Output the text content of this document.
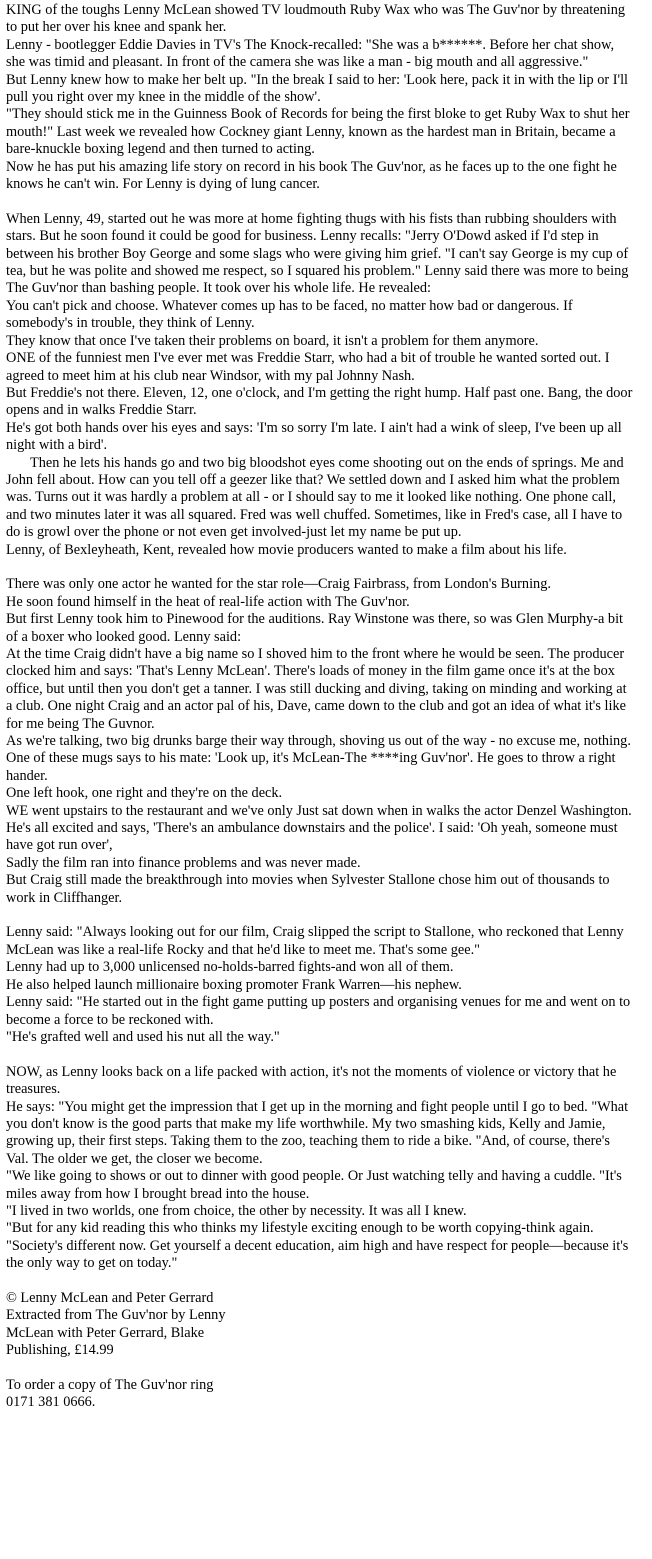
KING of the toughs Lenny McLean showed TV loudmouth Ruby Wax who was The Guv'nor by threatening to put her over his knee and spank her.

Lenny - bootlegger Eddie Davies in TV's The Knock-recalled: "She was a b******. Before her chat show, she was timid and pleasant. In front of the camera she was like a man - big mouth and all aggressive."

But Lenny knew how to make her belt up. "In the break I said to her: 'Look here, pack it in with the lip or I'll pull you right over my knee in the middle of the show'.

"They should stick me in the Guinness Book of Records for being the first bloke to get Ruby Wax to shut her mouth!" Last week we revealed how Cockney giant Lenny, known as the hardest man in Britain, became a bare-knuckle boxing legend and then turned to acting.

Now he has put his amazing life story on record in his book The Guv'nor, as he faces up to the one fight he knows he can't win. For Lenny is dying of lung cancer.

When Lenny, 49, started out he was more at home fighting thugs with his fists than rubbing shoulders with stars. But he soon found it could be good for business. Lenny recalls: "Jerry O'Dowd asked if I'd step in between his brother Boy George and some slags who were giving him grief. "I can't say George is my cup of tea, but he was polite and showed me respect, so I squared his problem." Lenny said there was more to being The Guv'nor than bashing people. It took over his whole life. He revealed:

You can't pick and choose. Whatever comes up has to be faced, no matter how bad or dangerous. If somebody's in trouble, they think of Lenny.

They know that once I've taken their problems on board, it isn't a problem for them anymore.

ONE of the funniest men I've ever met was Freddie Starr, who had a bit of trouble he wanted sorted out. I agreed to meet him at his club near Windsor, with my pal Johnny Nash.

But Freddie's not there. Eleven, 12, one o'clock, and I'm getting the right hump. Half past one. Bang, the door opens and in walks Freddie Starr.

He's got both hands over his eyes and says: 'I'm so sorry I'm late. I ain't had a wink of sleep, I've been up all night with a bird'.

Then he lets his hands go and two big bloodshot eyes come shooting out on the ends of springs. Me and John fell about. How can you tell off a geezer like that? We settled down and I asked him what the problem was. Turns out it was hardly a problem at all - or I should say to me it looked like nothing. One phone call, and two minutes later it was all squared. Fred was well chuffed. Sometimes, like in Fred's case, all I have to do is growl over the phone or not even get involved-just let my name be put up.

Lenny, of Bexleyheath, Kent, revealed how movie producers wanted to make a film about his life.

There was only one actor he wanted for the star role—Craig Fairbrass, from London's Burning.

He soon found himself in the heat of real-life action with The Guv'nor.

But first Lenny took him to Pinewood for the auditions. Ray Winstone was there, so was Glen Murphy-a bit of a boxer who looked good. Lenny said:

At the time Craig didn't have a big name so I shoved him to the front where he would be seen. The producer clocked him and says: 'That's Lenny McLean'. There's loads of money in the film game once it's at the box office, but until then you don't get a tanner. I was still ducking and diving, taking on minding and working at a club. One night Craig and an actor pal of his, Dave, came down to the club and got an idea of what it's like for me being The Guvnor.

As we're talking, two big drunks barge their way through, shoving us out of the way - no excuse me, nothing.

One of these mugs says to his mate: 'Look up, it's McLean-The ****ing Guv'nor'. He goes to throw a right hander.

One left hook, one right and they're on the deck.

WE went upstairs to the restaurant and we've only Just sat down when in walks the actor Denzel Washington.

He's all excited and says, 'There's an ambulance downstairs and the police'. I said: 'Oh yeah, someone must have got run over',

Sadly the film ran into finance problems and was never made.

But Craig still made the breakthrough into movies when Sylvester Stallone chose him out of thousands to work in Cliffhanger.

Lenny said: "Always looking out for our film, Craig slipped the script to Stallone, who reckoned that Lenny McLean was like a real-life Rocky and that he'd like to meet me. That's some gee."

Lenny had up to 3,000 unlicensed no-holds-barred fights-and won all of them.

He also helped launch millionaire boxing promoter Frank Warren—his nephew.

Lenny said: "He started out in the fight game putting up posters and organising venues for me and went on to become a force to be reckoned with.

"He's grafted well and used his nut all the way."

NOW, as Lenny looks back on a life packed with action, it's not the moments of violence or victory that he treasures.

He says: "You might get the impression that I get up in the morning and fight people until I go to bed. "What you don't know is the good parts that make my life worthwhile. My two smashing kids, Kelly and Jamie, growing up, their first steps. Taking them to the zoo, teaching them to ride a bike. "And, of course, there's Val. The older we get, the closer we become.

"We like going to shows or out to dinner with good people. Or Just watching telly and having a cuddle. "It's miles away from how I brought bread into the house.

"I lived in two worlds, one from choice, the other by necessity. It was all I knew.

"But for any kid reading this who thinks my lifestyle exciting enough to be worth copying-think again.

"Society's different now. Get yourself a decent education, aim high and have respect for people—because it's the only way to get on today."

© Lenny McLean and Peter Gerrard

Extracted from The Guv'nor by Lenny

McLean with Peter Gerrard, Blake

Publishing, £14.99

To order a copy of The Guv'nor ring

0171 381 0666.
